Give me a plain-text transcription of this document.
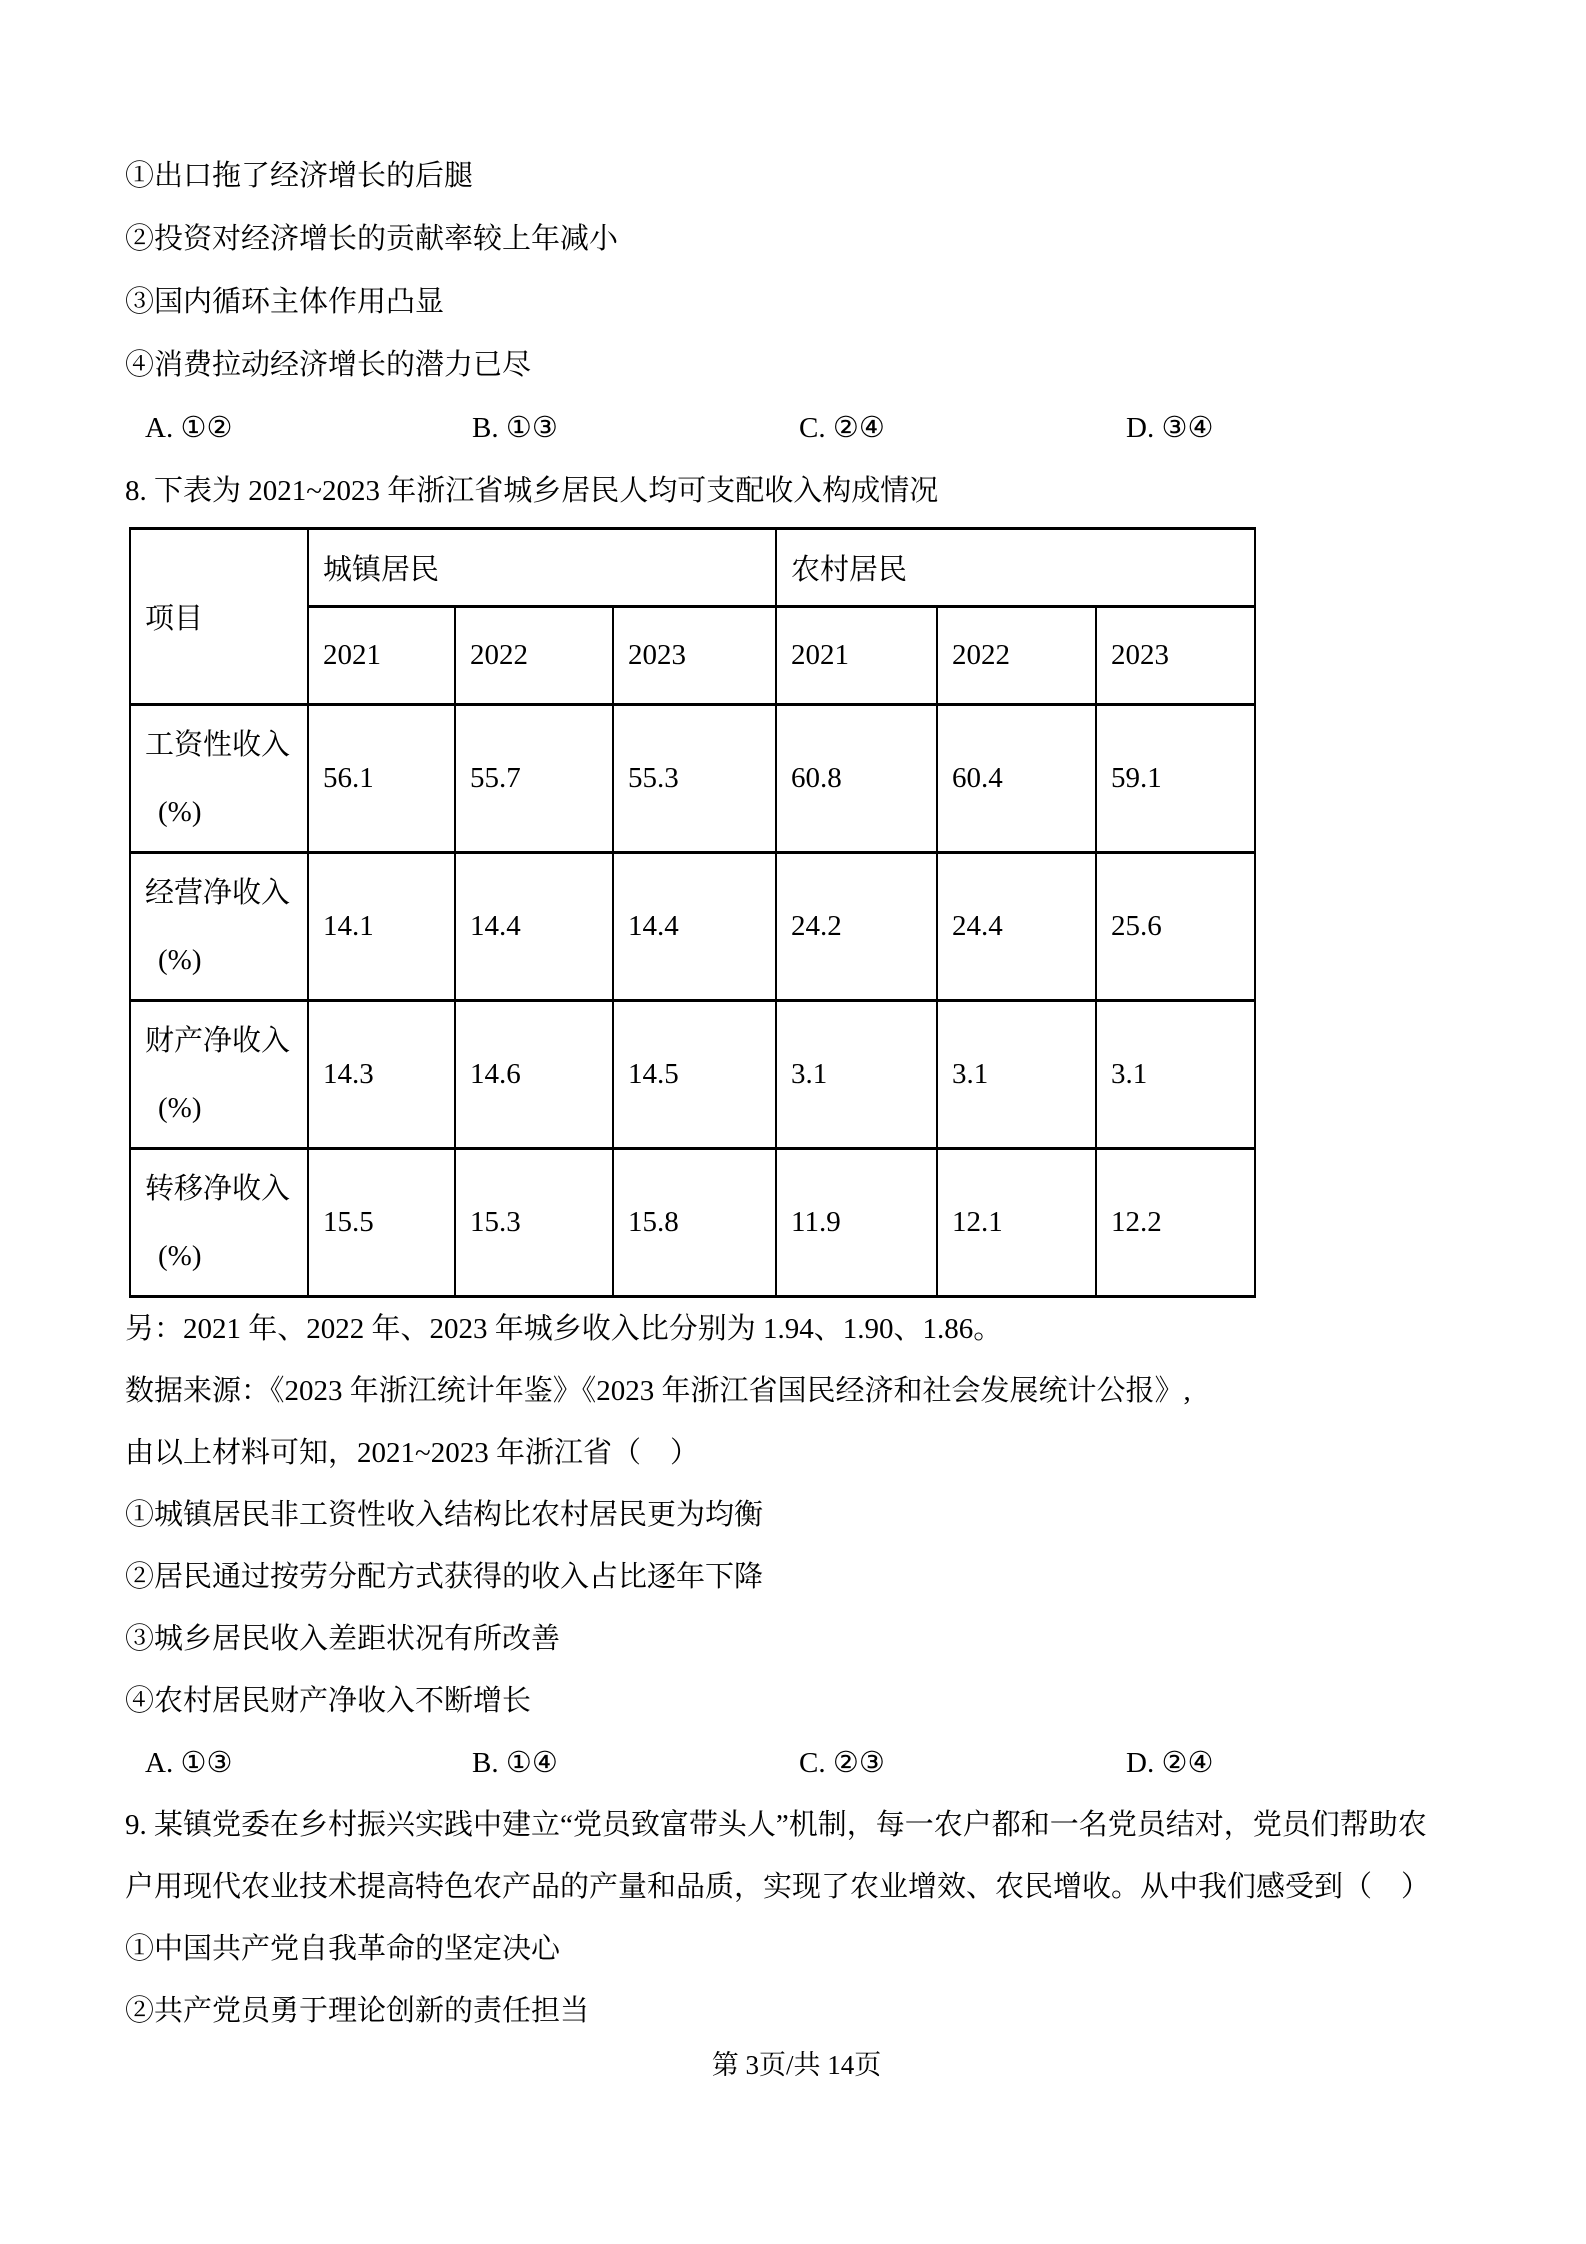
①出口拖了经济增长的后腿
②投资对经济增长的贡献率较上年减小
③国内循环主体作用凸显
④消费拉动经济增长的潜力已尽
A. ①②	B. ①③	C. ②④	D. ③④
8. 下表为 2021~2023 年浙江省城乡居民人均可支配收入构成情况
项目	城镇居民			农村居民		
	2021	2022	2023	2021	2022	2023

工资性收入
(%)	56.1	55.7	55.3	60.8	60.4	59.1

经营净收入
(%)	14.1	14.4	14.4	24.2	24.4	25.6

财产净收入
(%)	14.3	14.6	14.5	3.1	3.1	3.1

转移净收入
(%)	15.5	15.3	15.8	11.9	12.1	12.2
另：2021 年、2022 年、2023 年城乡收入比分别为 1.94、1.90、1.86。
数据来源：《2023 年浙江统计年鉴》《2023 年浙江省国民经济和社会发展统计公报》,
由以上材料可知，2021~2023 年浙江省（　）
①城镇居民非工资性收入结构比农村居民更为均衡
②居民通过按劳分配方式获得的收入占比逐年下降
③城乡居民收入差距状况有所改善
④农村居民财产净收入不断增长
A. ①③	B. ①④	C. ②③	D. ②④
9. 某镇党委在乡村振兴实践中建立“党员致富带头人”机制，每一农户都和一名党员结对，党员们帮助农
户用现代农业技术提高特色农产品的产量和品质，实现了农业增效、农民增收。从中我们感受到（　）
①中国共产党自我革命的坚定决心
②共产党员勇于理论创新的责任担当
第 3页/共 14页
